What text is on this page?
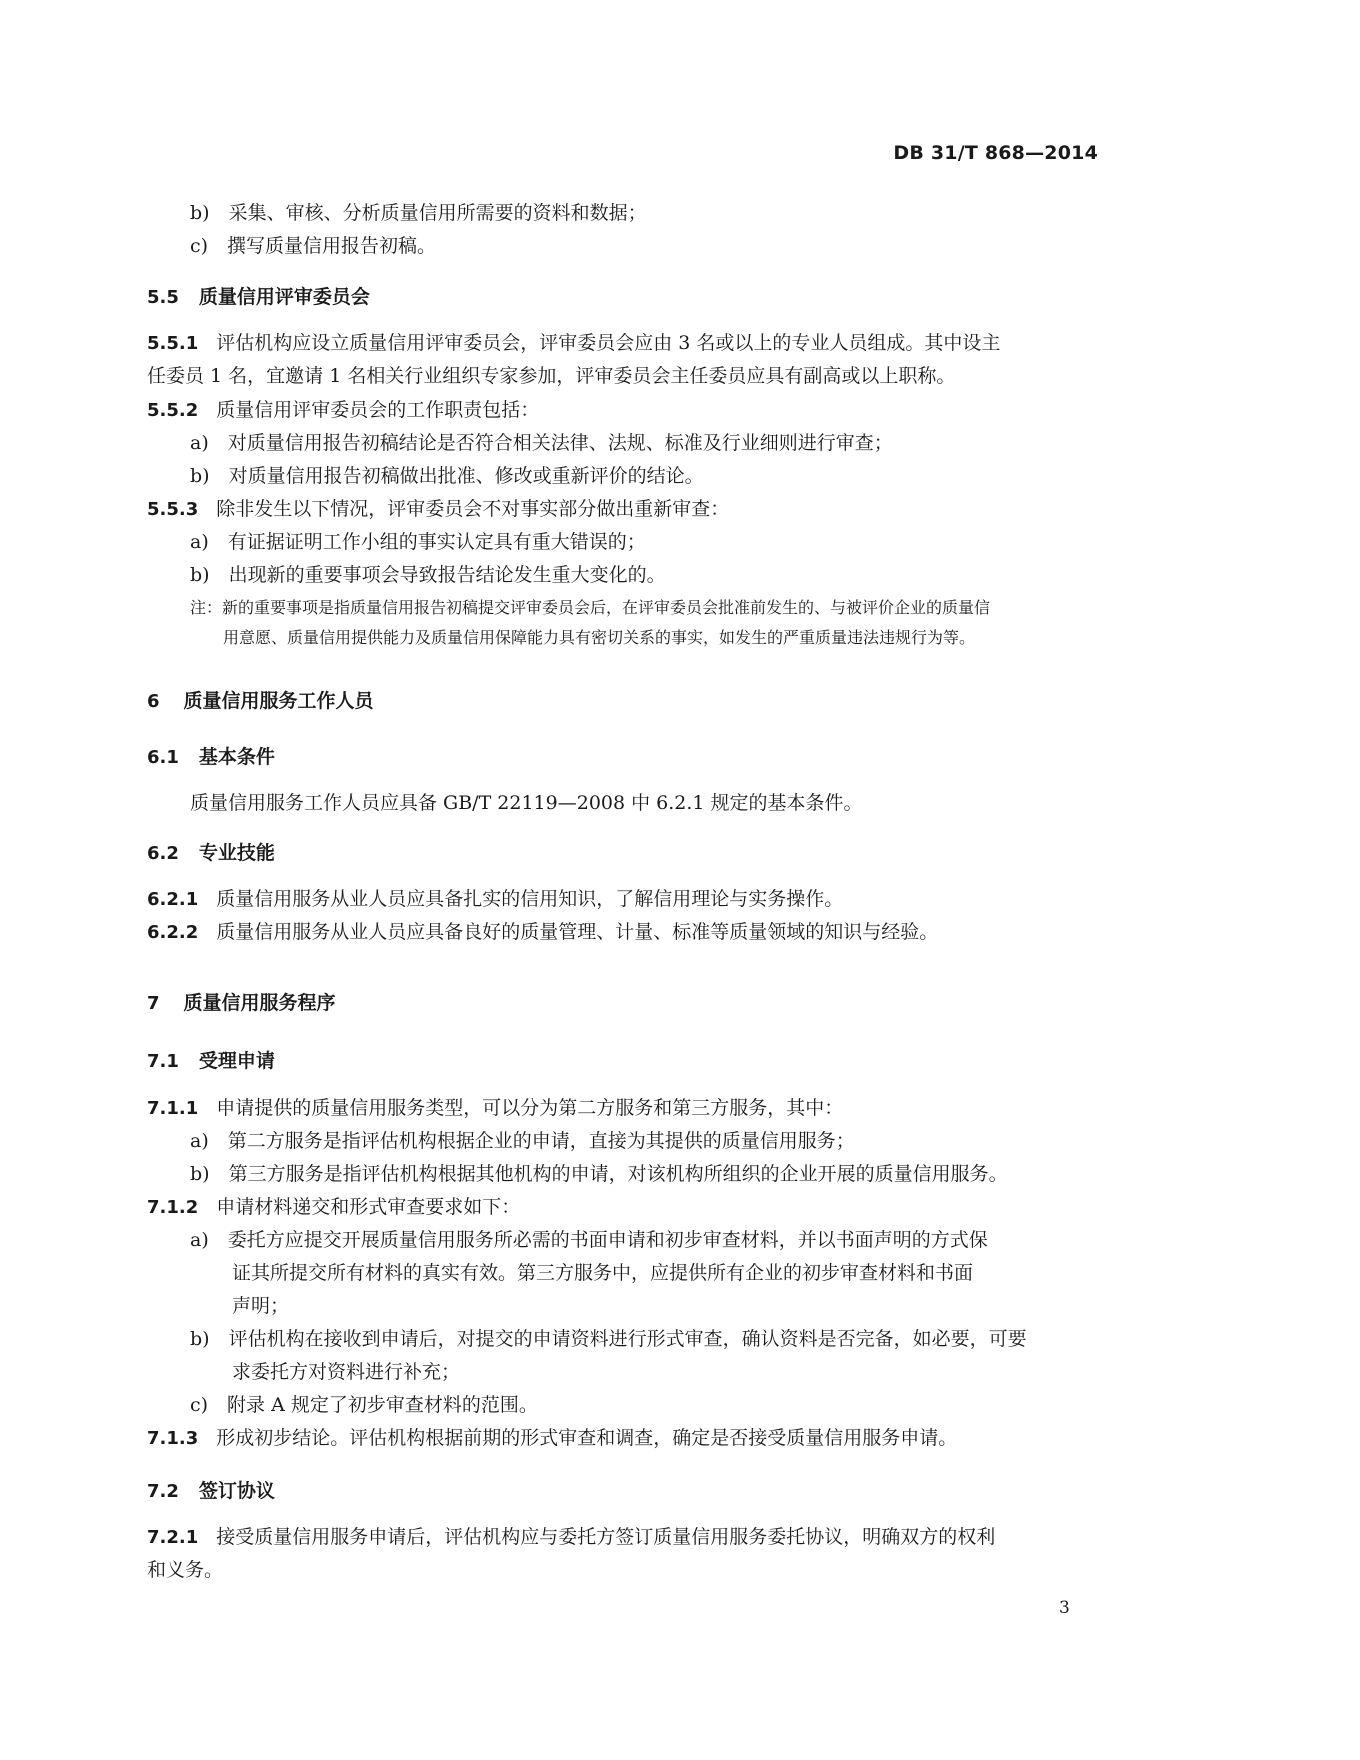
DB 31/T 868—2014
b)　采集、审核、分析质量信用所需要的资料和数据；
c)　撰写质量信用报告初稿。
5.5 质量信用评审委员会
5.5.1 评估机构应设立质量信用评审委员会，评审委员会应由 3 名或以上的专业人员组成。其中设主
任委员 1 名，宜邀请 1 名相关行业组织专家参加，评审委员会主任委员应具有副高或以上职称。
5.5.2 质量信用评审委员会的工作职责包括：
a)　对质量信用报告初稿结论是否符合相关法律、法规、标准及行业细则进行审查；
b)　对质量信用报告初稿做出批准、修改或重新评价的结论。
5.5.3 除非发生以下情况，评审委员会不对事实部分做出重新审查：
a)　有证据证明工作小组的事实认定具有重大错误的；
b)　出现新的重要事项会导致报告结论发生重大变化的。
注：新的重要事项是指质量信用报告初稿提交评审委员会后，在评审委员会批准前发生的、与被评价企业的质量信
用意愿、质量信用提供能力及质量信用保障能力具有密切关系的事实，如发生的严重质量违法违规行为等。
6 质量信用服务工作人员
6.1 基本条件
质量信用服务工作人员应具备 GB/T 22119—2008 中 6.2.1 规定的基本条件。
6.2 专业技能
6.2.1 质量信用服务从业人员应具备扎实的信用知识，了解信用理论与实务操作。
6.2.2 质量信用服务从业人员应具备良好的质量管理、计量、标准等质量领域的知识与经验。
7 质量信用服务程序
7.1 受理申请
7.1.1 申请提供的质量信用服务类型，可以分为第二方服务和第三方服务，其中：
a)　第二方服务是指评估机构根据企业的申请，直接为其提供的质量信用服务；
b)　第三方服务是指评估机构根据其他机构的申请，对该机构所组织的企业开展的质量信用服务。
7.1.2 申请材料递交和形式审查要求如下：
a)　委托方应提交开展质量信用服务所必需的书面申请和初步审查材料，并以书面声明的方式保
证其所提交所有材料的真实有效。第三方服务中，应提供所有企业的初步审查材料和书面
声明；
b)　评估机构在接收到申请后，对提交的申请资料进行形式审查，确认资料是否完备，如必要，可要
求委托方对资料进行补充；
c)　附录 A 规定了初步审查材料的范围。
7.1.3 形成初步结论。评估机构根据前期的形式审查和调查，确定是否接受质量信用服务申请。
7.2 签订协议
7.2.1 接受质量信用服务申请后，评估机构应与委托方签订质量信用服务委托协议，明确双方的权利
和义务。
3
